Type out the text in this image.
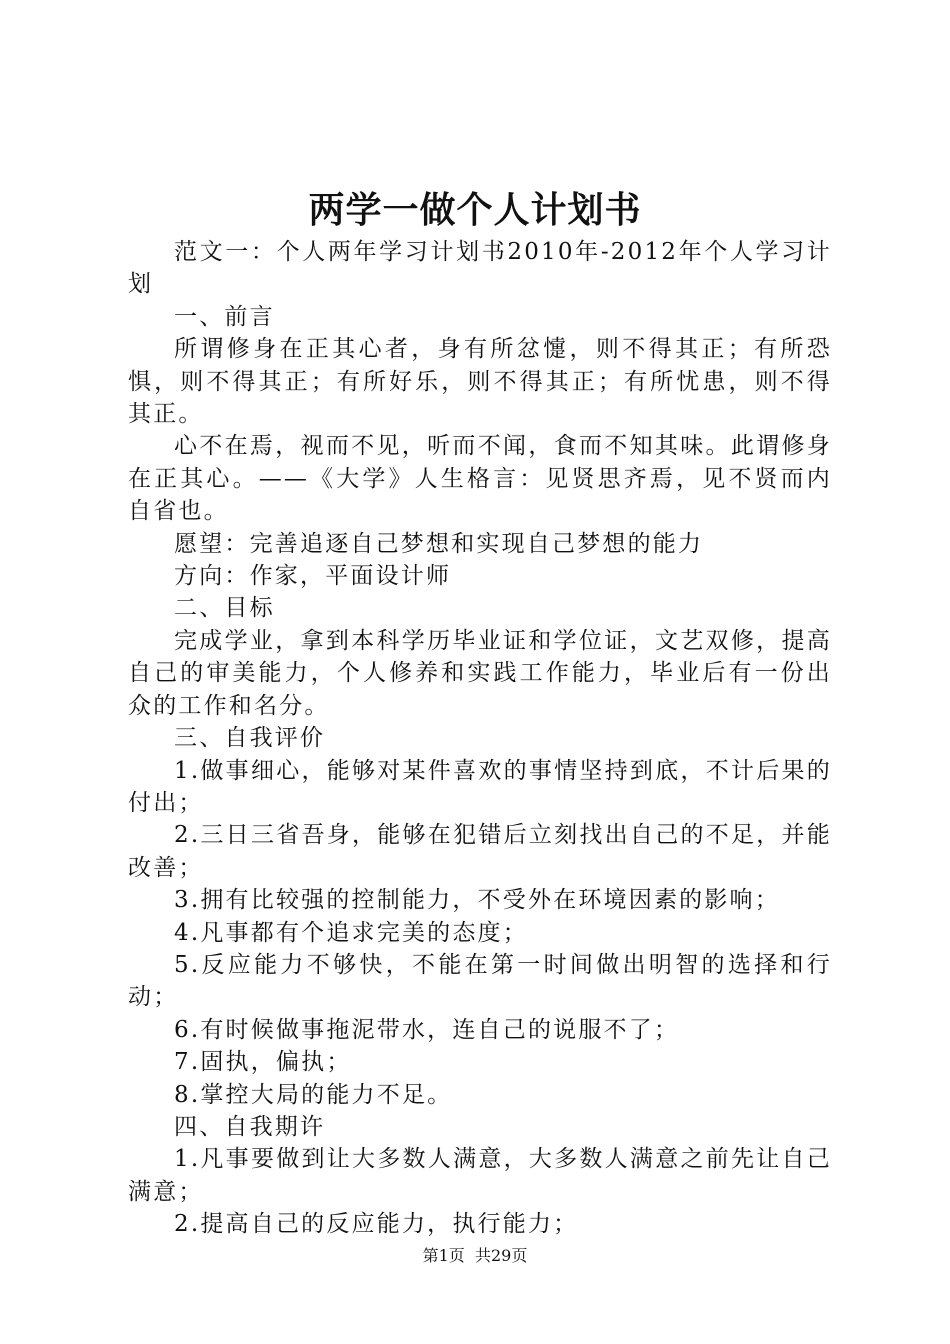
两学一做个人计划书

范文一：个人两年学习计划书2010年-2012年个人学习计划

一、前言

所谓修身在正其心者，身有所忿懥，则不得其正；有所恐惧，则不得其正；有所好乐，则不得其正；有所忧患，则不得其正。

心不在焉，视而不见，听而不闻，食而不知其味。此谓修身在正其心。——《大学》人生格言：见贤思齐焉，见不贤而内自省也。

愿望：完善追逐自己梦想和实现自己梦想的能力

方向：作家，平面设计师

二、目标

完成学业，拿到本科学历毕业证和学位证，文艺双修，提高自己的审美能力，个人修养和实践工作能力，毕业后有一份出众的工作和名分。

三、自我评价

1.做事细心，能够对某件喜欢的事情坚持到底，不计后果的付出；

2.三日三省吾身，能够在犯错后立刻找出自己的不足，并能改善；

3.拥有比较强的控制能力，不受外在环境因素的影响；

4.凡事都有个追求完美的态度；

5.反应能力不够快，不能在第一时间做出明智的选择和行动；

6.有时候做事拖泥带水，连自己的说服不了；

7.固执，偏执；

8.掌控大局的能力不足。

四、自我期许

1.凡事要做到让大多数人满意，大多数人满意之前先让自己满意；

2.提高自己的反应能力，执行能力；

第1页 共29页
